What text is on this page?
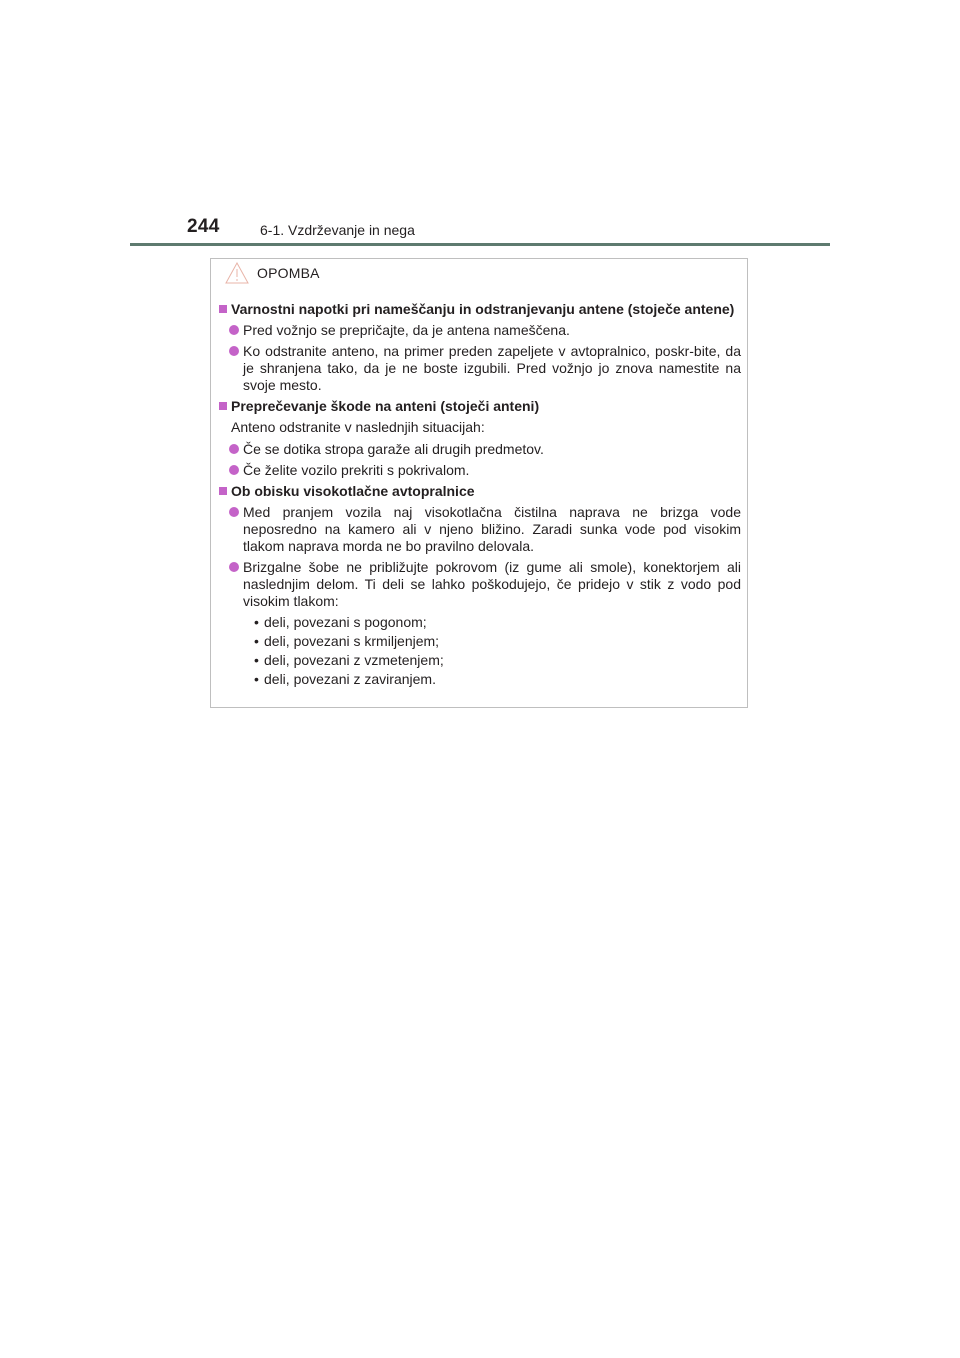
244	6-1. Vzdrževanje in nega
OPOMBA
Varnostni napotki pri nameščanju in odstranjevanju antene (stoječe antene)
Pred vožnjo se prepričajte, da je antena nameščena.
Ko odstranite anteno, na primer preden zapeljete v avtopralnico, poskr-bite, da je shranjena tako, da je ne boste izgubili. Pred vožnjo jo znova namestite na svoje mesto.
Preprečevanje škode na anteni (stoječi anteni)
Anteno odstranite v naslednjih situacijah:
Če se dotika stropa garaže ali drugih predmetov.
Če želite vozilo prekriti s pokrivalom.
Ob obisku visokotlačne avtopralnice
Med pranjem vozila naj visokotlačna čistilna naprava ne brizga vode neposredno na kamero ali v njeno bližino. Zaradi sunka vode pod visokim tlakom naprava morda ne bo pravilno delovala.
Brizgalne šobe ne približujte pokrovom (iz gume ali smole), konektorjem ali naslednjim delom. Ti deli se lahko poškodujejo, če pridejo v stik z vodo pod visokim tlakom:
• deli, povezani s pogonom;
• deli, povezani s krmiljenjem;
• deli, povezani z vzmetenjem;
• deli, povezani z zaviranjem.
